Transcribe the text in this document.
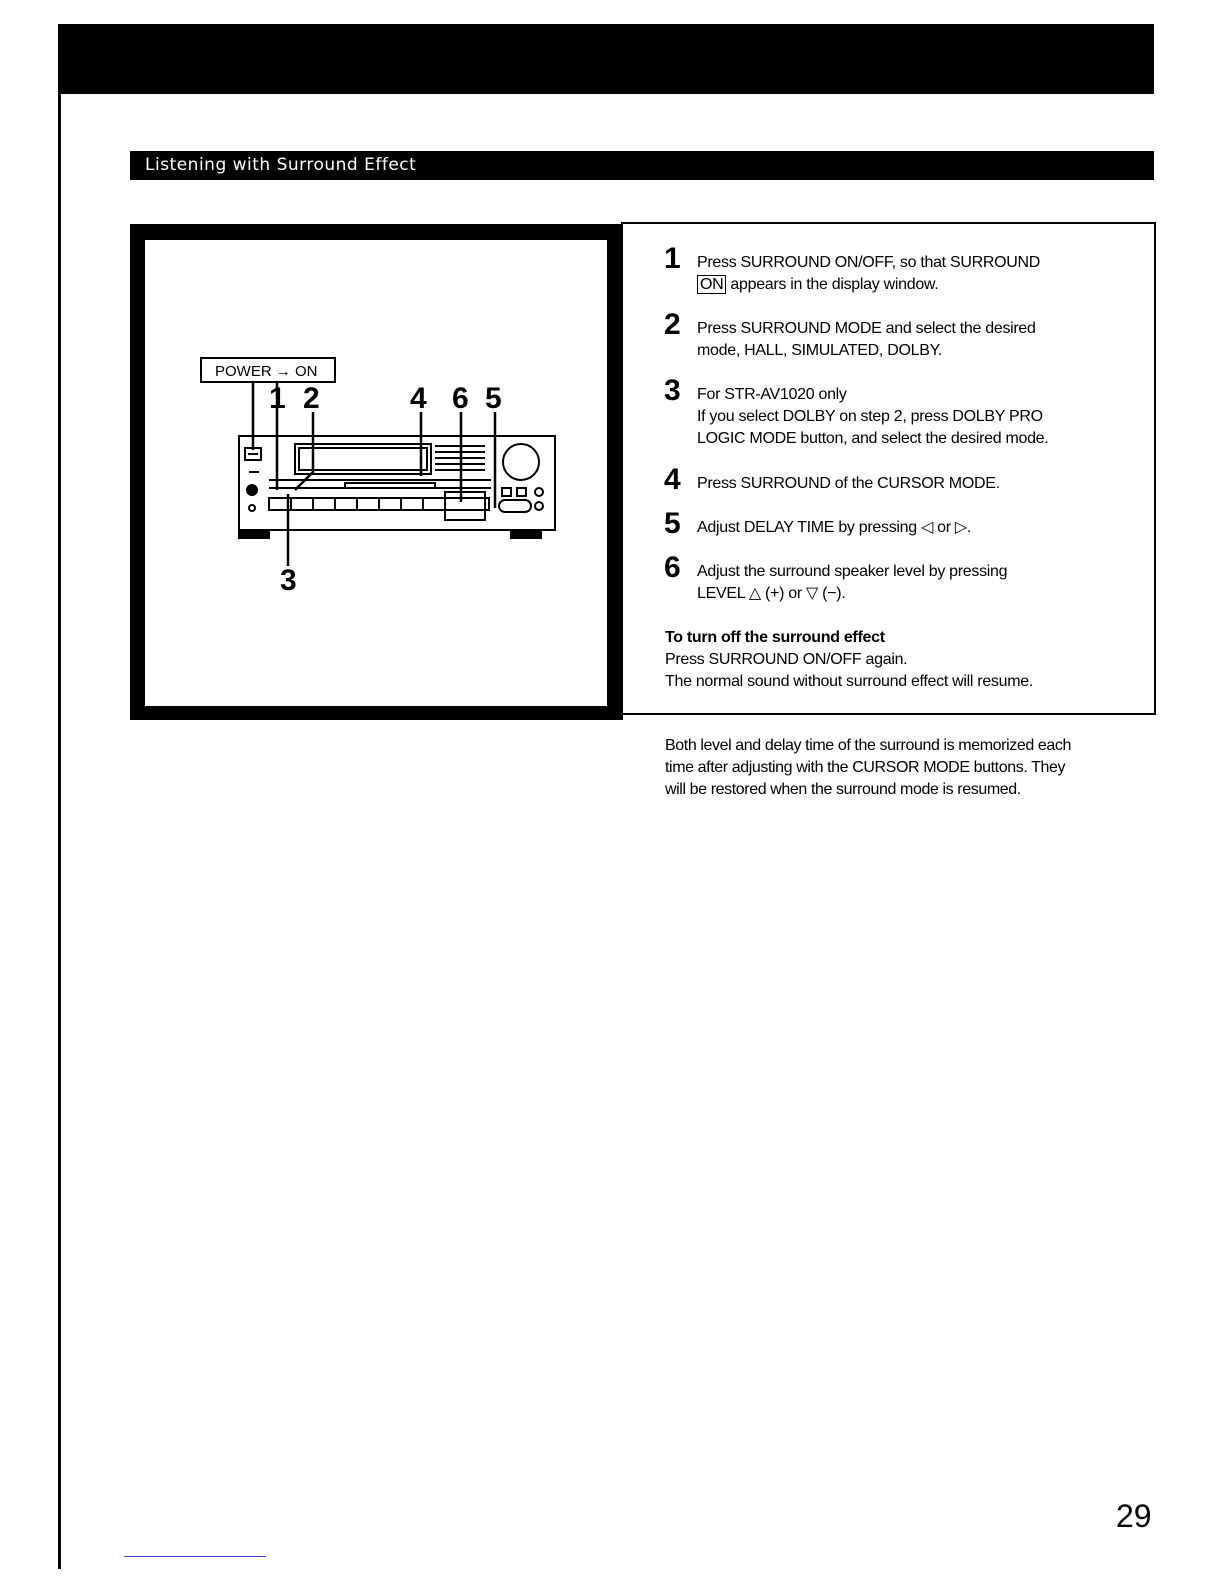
Listening with Surround Effect
POWER → ON
1 2	4 6 5
3
1 Press SURROUND ON/OFF, so that SURROUND
ON appears in the display window.
2 Press SURROUND MODE and select the desired
mode, HALL, SIMULATED, DOLBY.
3 For STR-AV1020 only
If you select DOLBY on step 2, press DOLBY PRO
LOGIC MODE button, and select the desired mode.
4 Press SURROUND of the CURSOR MODE.
5 Adjust DELAY TIME by pressing ◁ or ▷.
6 Adjust the surround speaker level by pressing
LEVEL △ (+) or ▽ (−).
To turn off the surround effect
Press SURROUND ON/OFF again.
The normal sound without surround effect will resume.
Both level and delay time of the surround is memorized each
time after adjusting with the CURSOR MODE buttons. They
will be restored when the surround mode is resumed.
29
